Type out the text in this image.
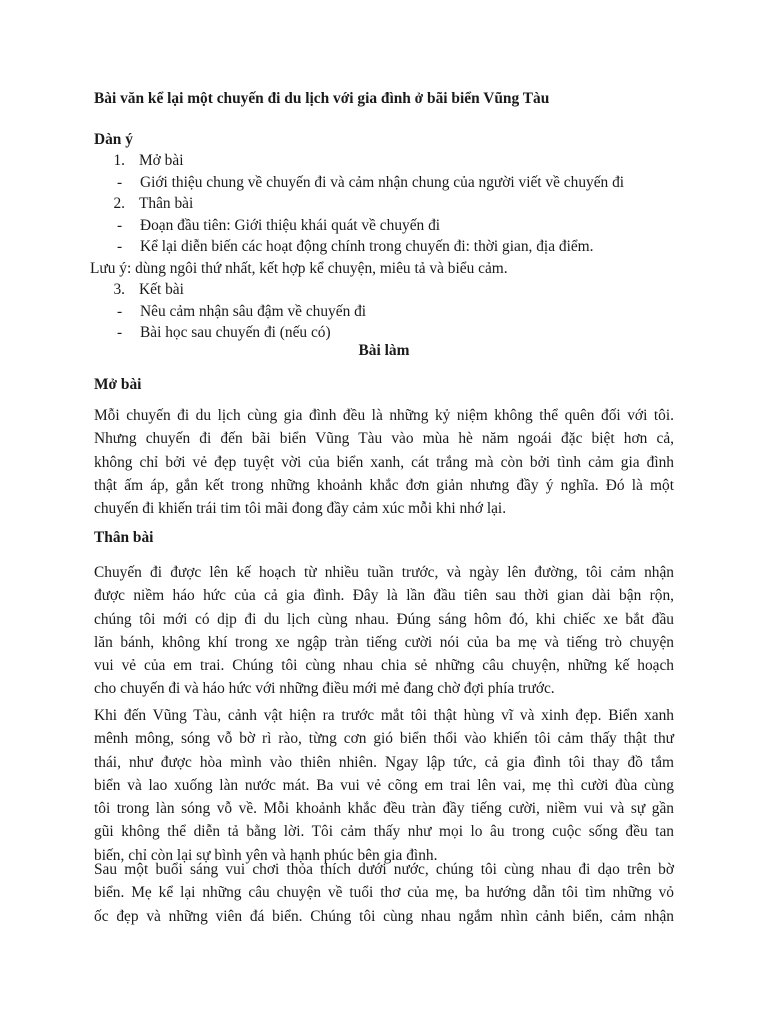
Bài văn kể lại một chuyến đi du lịch với gia đình ở bãi biển Vũng Tàu
Dàn ý
1. Mở bài
-	Giới thiệu chung về chuyến đi và cảm nhận chung của người viết về chuyến đi
2. Thân bài
-	Đoạn đầu tiên: Giới thiệu khái quát về chuyến đi
-	Kể lại diễn biến các hoạt động chính trong chuyến đi: thời gian, địa điểm.
Lưu ý: dùng ngôi thứ nhất, kết hợp kể chuyện, miêu tả và biểu cảm.
3. Kết bài
-	Nêu cảm nhận sâu đậm về chuyến đi
-	Bài học sau chuyến đi (nếu có)
Bài làm
Mở bài
Mỗi chuyến đi du lịch cùng gia đình đều là những kỷ niệm không thể quên đối với tôi.
Nhưng chuyến đi đến bãi biển Vũng Tàu vào mùa hè năm ngoái đặc biệt hơn cả,
không chỉ bởi vẻ đẹp tuyệt vời của biển xanh, cát trắng mà còn bởi tình cảm gia đình
thật ấm áp, gắn kết trong những khoảnh khắc đơn giản nhưng đầy ý nghĩa. Đó là một
chuyến đi khiến trái tim tôi mãi đong đầy cảm xúc mỗi khi nhớ lại.
Thân bài
Chuyến đi được lên kế hoạch từ nhiều tuần trước, và ngày lên đường, tôi cảm nhận
được niềm háo hức của cả gia đình. Đây là lần đầu tiên sau thời gian dài bận rộn,
chúng tôi mới có dịp đi du lịch cùng nhau. Đúng sáng hôm đó, khi chiếc xe bắt đầu
lăn bánh, không khí trong xe ngập tràn tiếng cười nói của ba mẹ và tiếng trò chuyện
vui vẻ của em trai. Chúng tôi cùng nhau chia sẻ những câu chuyện, những kế hoạch
cho chuyến đi và háo hức với những điều mới mẻ đang chờ đợi phía trước.
Khi đến Vũng Tàu, cảnh vật hiện ra trước mắt tôi thật hùng vĩ và xinh đẹp. Biển xanh
mênh mông, sóng vỗ bờ rì rào, từng cơn gió biển thổi vào khiến tôi cảm thấy thật thư
thái, như được hòa mình vào thiên nhiên. Ngay lập tức, cả gia đình tôi thay đồ tắm
biển và lao xuống làn nước mát. Ba vui vẻ cõng em trai lên vai, mẹ thì cười đùa cùng
tôi trong làn sóng vỗ về. Mỗi khoảnh khắc đều tràn đầy tiếng cười, niềm vui và sự gần
gũi không thể diễn tả bằng lời. Tôi cảm thấy như mọi lo âu trong cuộc sống đều tan
biến, chỉ còn lại sự bình yên và hạnh phúc bên gia đình.
Sau một buổi sáng vui chơi thỏa thích dưới nước, chúng tôi cùng nhau đi dạo trên bờ
biển. Mẹ kể lại những câu chuyện về tuổi thơ của mẹ, ba hướng dẫn tôi tìm những vỏ
ốc đẹp và những viên đá biển. Chúng tôi cùng nhau ngắm nhìn cảnh biển, cảm nhận
